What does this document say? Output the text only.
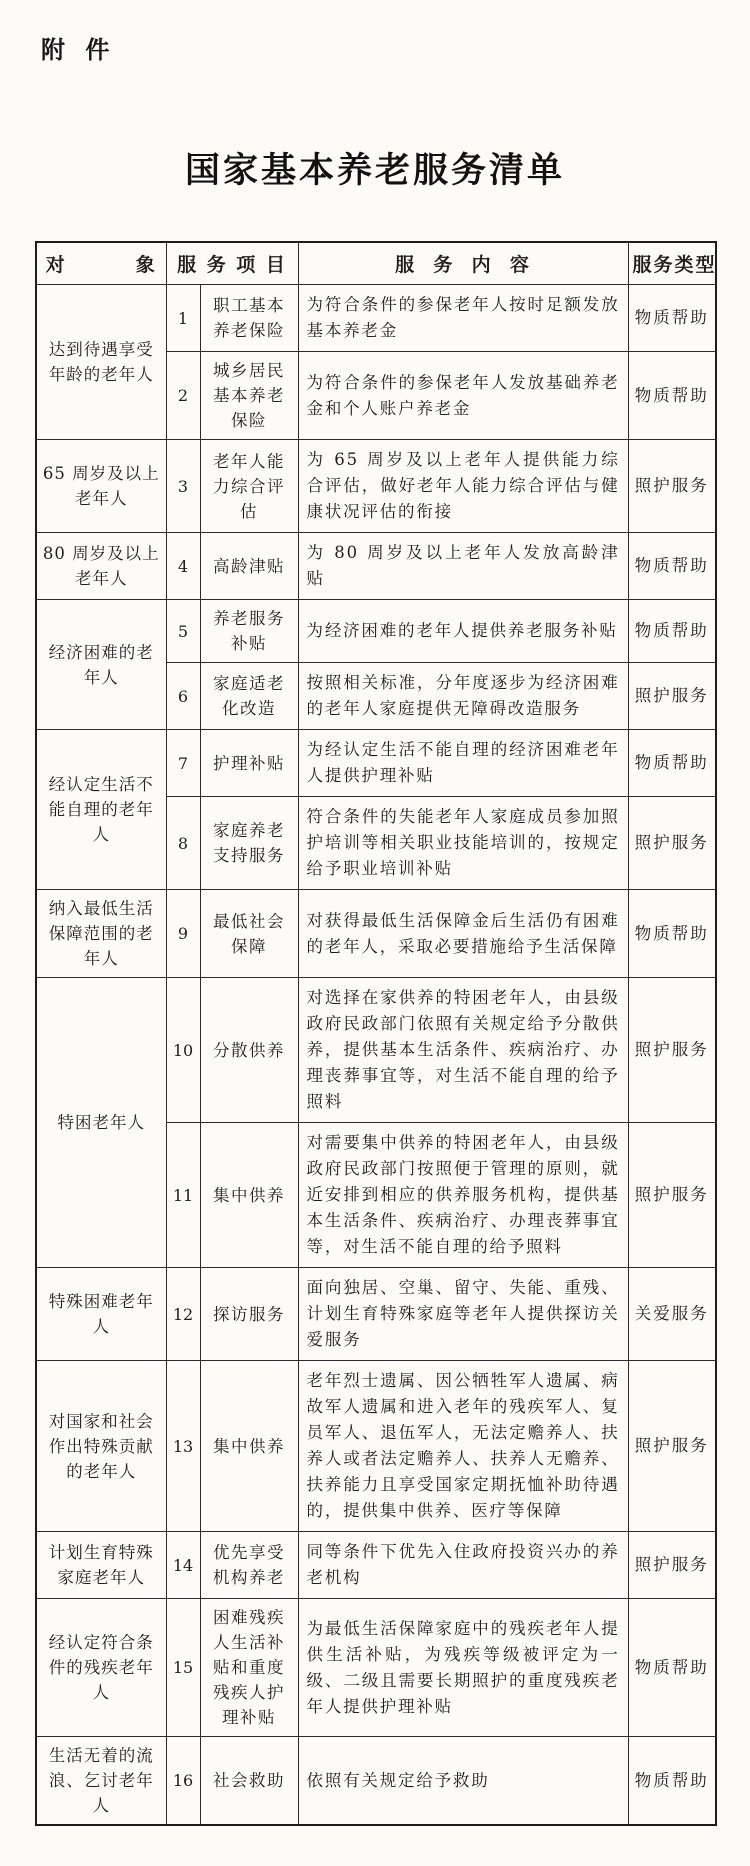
附 件
国家基本养老服务清单
对        象	服 务 项 目		服  务  内  容	服务类型
达到待遇享受年龄的老年人	1	职工基本养老保险	为符合条件的参保老年人按时足额发放基本养老金	物质帮助
	2	城乡居民基本养老保险	为符合条件的参保老年人发放基础养老金和个人账户养老金	物质帮助
65 周岁及以上老年人	3	老年人能力综合评估	为 65 周岁及以上老年人提供能力综合评估，做好老年人能力综合评估与健康状况评估的衔接	照护服务
80 周岁及以上老年人	4	高龄津贴	为 80 周岁及以上老年人发放高龄津贴	物质帮助
经济困难的老年人	5	养老服务补贴	为经济困难的老年人提供养老服务补贴	物质帮助
	6	家庭适老化改造	按照相关标准，分年度逐步为经济困难的老年人家庭提供无障碍改造服务	照护服务
经认定生活不能自理的老年人	7	护理补贴	为经认定生活不能自理的经济困难老年人提供护理补贴	物质帮助
	8	家庭养老支持服务	符合条件的失能老年人家庭成员参加照护培训等相关职业技能培训的，按规定给予职业培训补贴	照护服务
纳入最低生活保障范围的老年人	9	最低社会保障	对获得最低生活保障金后生活仍有困难的老年人，采取必要措施给予生活保障	物质帮助
特困老年人	10	分散供养	对选择在家供养的特困老年人，由县级政府民政部门依照有关规定给予分散供养，提供基本生活条件、疾病治疗、办理丧葬事宜等，对生活不能自理的给予照料	照护服务
	11	集中供养	对需要集中供养的特困老年人，由县级政府民政部门按照便于管理的原则，就近安排到相应的供养服务机构，提供基本生活条件、疾病治疗、办理丧葬事宜等，对生活不能自理的给予照料	照护服务
特殊困难老年人	12	探访服务	面向独居、空巢、留守、失能、重残、计划生育特殊家庭等老年人提供探访关爱服务	关爱服务
对国家和社会作出特殊贡献的老年人	13	集中供养	老年烈士遗属、因公牺牲军人遗属、病故军人遗属和进入老年的残疾军人、复员军人、退伍军人，无法定赡养人、扶养人或者法定赡养人、扶养人无赡养、扶养能力且享受国家定期抚恤补助待遇的，提供集中供养、医疗等保障	照护服务
计划生育特殊家庭老年人	14	优先享受机构养老	同等条件下优先入住政府投资兴办的养老机构	照护服务
经认定符合条件的残疾老年人	15	困难残疾人生活补贴和重度残疾人护理补贴	为最低生活保障家庭中的残疾老年人提供生活补贴，为残疾等级被评定为一级、二级且需要长期照护的重度残疾老年人提供护理补贴	物质帮助
生活无着的流浪、乞讨老年人	16	社会救助	依照有关规定给予救助	物质帮助
